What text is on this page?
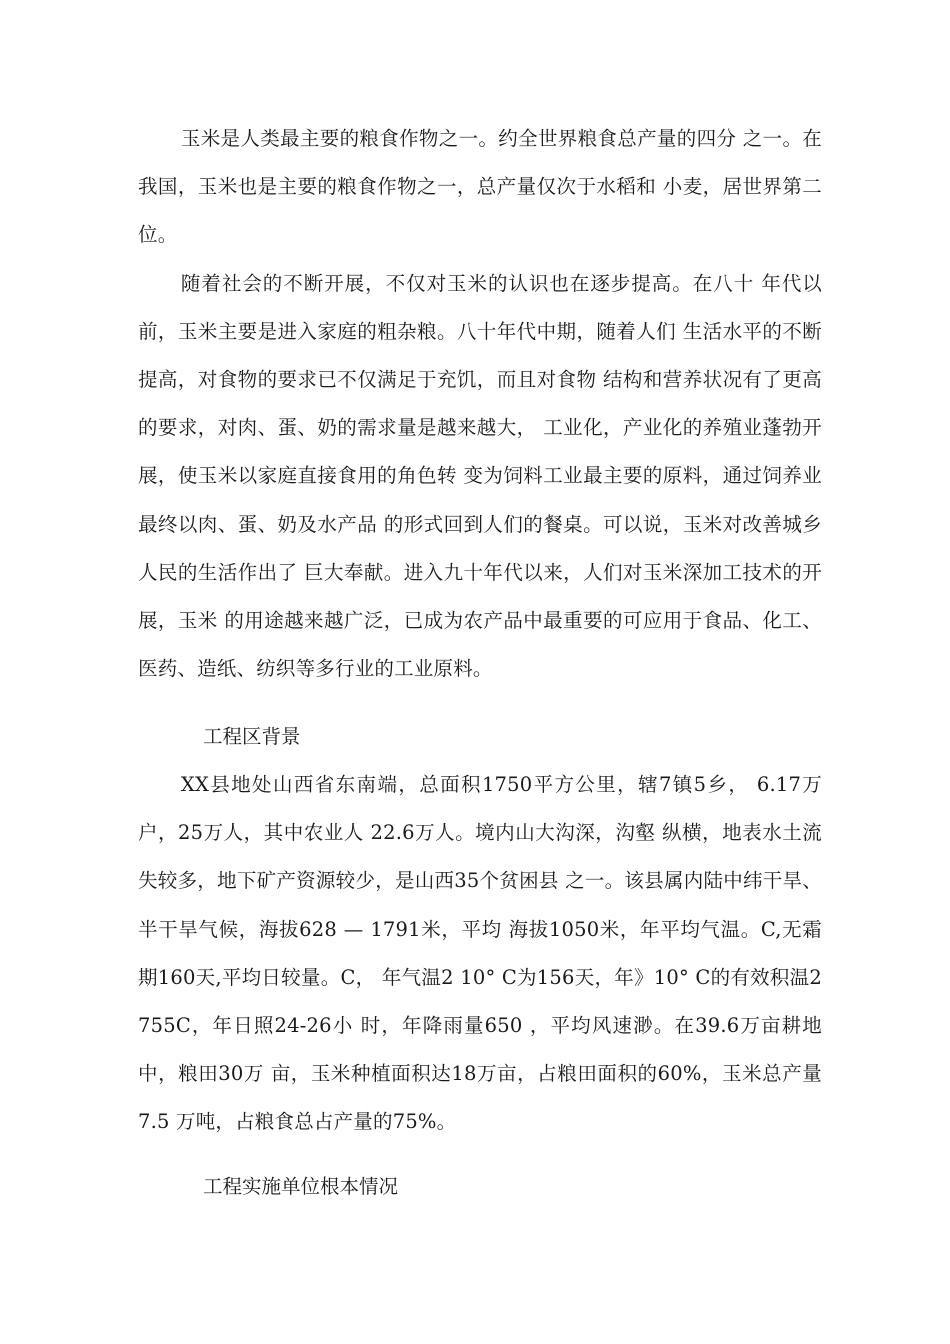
玉米是人类最主要的粮食作物之一。约全世界粮食总产量的四分 之一。在我国，玉米也是主要的粮食作物之一，总产量仅次于水稻和 小麦，居世界第二位。

随着社会的不断开展，不仅对玉米的认识也在逐步提高。在八十 年代以前，玉米主要是进入家庭的粗杂粮。八十年代中期，随着人们 生活水平的不断提高，对食物的要求已不仅满足于充饥，而且对食物 结构和营养状况有了更高的要求，对肉、蛋、奶的需求量是越来越大， 工业化，产业化的养殖业蓬勃开展，使玉米以家庭直接食用的角色转 变为饲料工业最主要的原料，通过饲养业最终以肉、蛋、奶及水产品 的形式回到人们的餐桌。可以说，玉米对改善城乡人民的生活作出了 巨大奉献。进入九十年代以来，人们对玉米深加工技术的开展，玉米 的用途越来越广泛，已成为农产品中最重要的可应用于食品、化工、 医药、造纸、纺织等多行业的工业原料。

工程区背景

XX县地处山西省东南端，总面积1750平方公里，辖7镇5乡， 6.17万户，25万人，其中农业人 22.6万人。境内山大沟深，沟壑 纵横，地表水土流失较多，地下矿产资源较少，是山西35个贫困县 之一。该县属内陆中纬干旱、半干旱气候，海拔628 — 1791米，平均 海拔1050米，年平均气温。C,无霜期160天,平均日较量。C， 年气温2 10° C为156天，年》10° C的有效积温2755C，年日照24-26小 时，年降雨量650 ，平均风速渺。在39.6万亩耕地中，粮田30万 亩，玉米种植面积达18万亩，占粮田面积的60%，玉米总产量7.5 万吨，占粮食总占产量的75%。

工程实施单位根本情况
